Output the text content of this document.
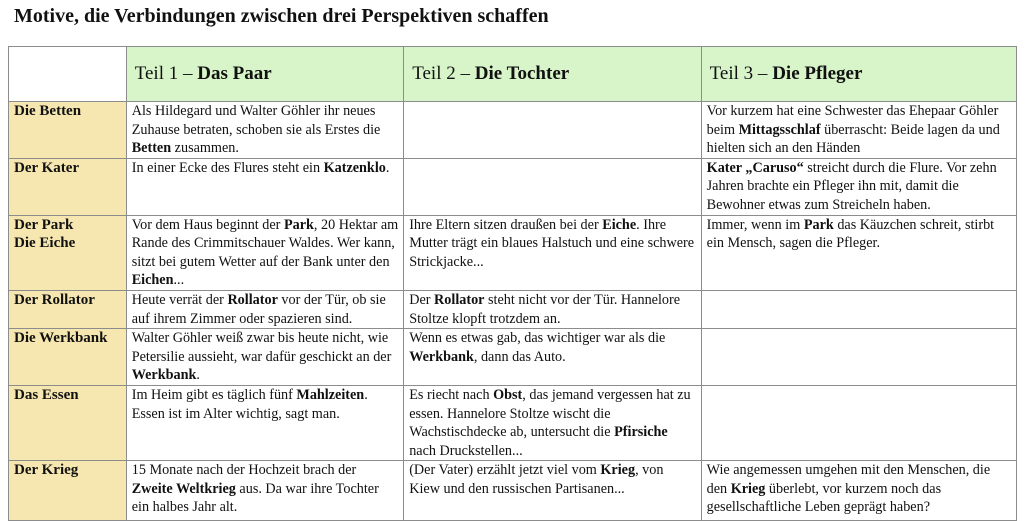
Motive, die Verbindungen zwischen drei Perspektiven schaffen
	Teil 1 – Das Paar	Teil 2 – Die Tochter	Teil 3 – Die Pfleger
Die Betten	Als Hildegard und Walter Göhler ihr neues Zuhause betraten, schoben sie als Erstes die Betten zusammen.		Vor kurzem hat eine Schwester das Ehepaar Göhler beim Mittagsschlaf überrascht: Beide lagen da und hielten sich an den Händen

Der Kater	In einer Ecke des Flures steht ein Katzenklo.		Kater „Caruso“ streicht durch die Flure. Vor zehn Jahren brachte ein Pfleger ihn mit, damit die Bewohner etwas zum Streicheln haben.

Der Park
Die Eiche	Vor dem Haus beginnt der Park, 20 Hektar am Rande des Crimmitschauer Waldes. Wer kann, sitzt bei gutem Wetter auf der Bank unter den Eichen...	Ihre Eltern sitzen draußen bei der Eiche. Ihre Mutter trägt ein blaues Halstuch und eine schwere Strickjacke...	Immer, wenn im Park das Käuzchen schreit, stirbt ein Mensch, sagen die Pfleger.

Der Rollator	Heute verrät der Rollator vor der Tür, ob sie auf ihrem Zimmer oder spazieren sind.	Der Rollator steht nicht vor der Tür. Hannelore Stoltze klopft trotzdem an.	

Die Werkbank	Walter Göhler weiß zwar bis heute nicht, wie Petersilie aussieht, war dafür geschickt an der Werkbank.	Wenn es etwas gab, das wichtiger war als die Werkbank, dann das Auto.	

Das Essen	Im Heim gibt es täglich fünf Mahlzeiten. Essen ist im Alter wichtig, sagt man.	Es riecht nach Obst, das jemand vergessen hat zu essen. Hannelore Stoltze wischt die Wachstischdecke ab, untersucht die Pfirsiche nach Druckstellen...	

Der Krieg	15 Monate nach der Hochzeit brach der Zweite Weltkrieg aus. Da war ihre Tochter ein halbes Jahr alt.	(Der Vater) erzählt jetzt viel vom Krieg, von Kiew und den russischen Partisanen...	Wie angemessen umgehen mit den Menschen, die den Krieg überlebt, vor kurzem noch das gesellschaftliche Leben geprägt haben?
